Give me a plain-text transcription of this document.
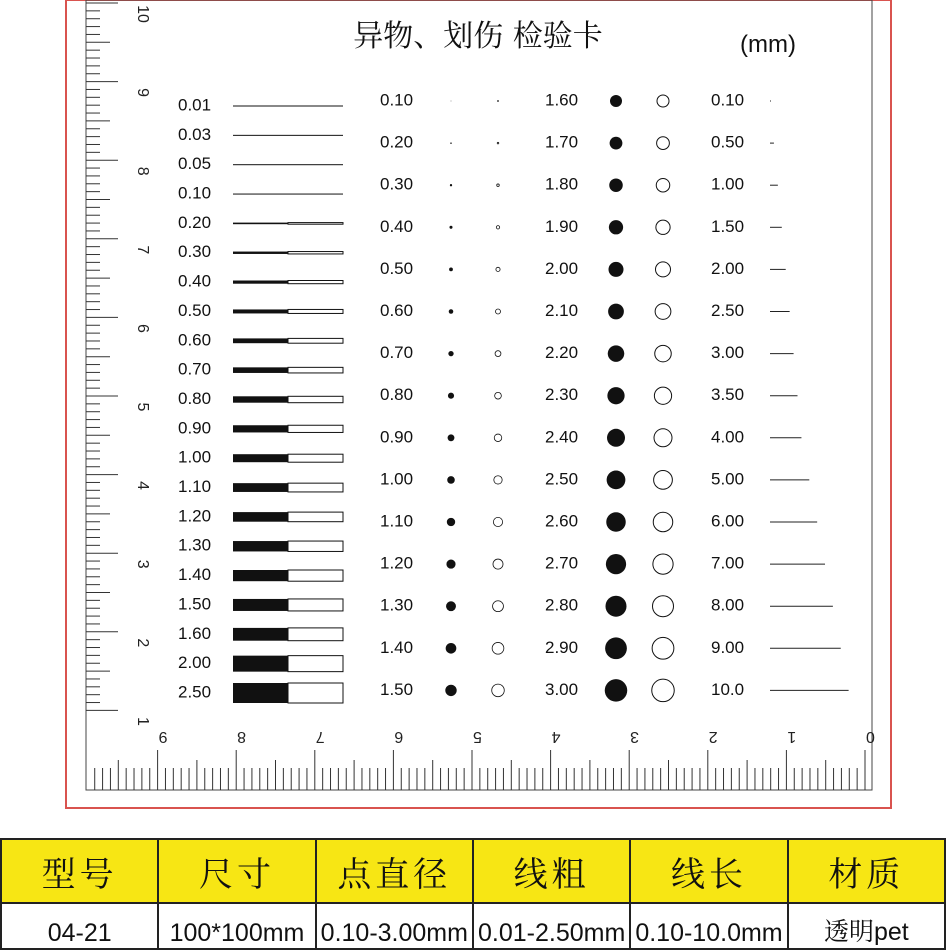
异物、划伤 检验卡	(mm)
10
9
8
7
6
5
4
3
2
1
9	8	7	6	5	4	3	2	1	0
0.01
0.03
0.05
0.10
0.20
0.30
0.40
0.50
0.60
0.70
0.80
0.90
1.00
1.10
1.20
1.30
1.40
1.50
1.60
2.00
2.50
0.10
0.20
0.30
0.40
0.50
0.60
0.70
0.80
0.90
1.00
1.10
1.20
1.30
1.40
1.50
1.60
1.70
1.80
1.90
2.00
2.10
2.20
2.30
2.40
2.50
2.60
2.70
2.80
2.90
3.00
0.10
0.50
1.00
1.50
2.00
2.50
3.00
3.50
4.00
5.00
6.00
7.00
8.00
9.00
10.0
型号	尺寸	点直径	线粗	线长	材质
04-21	100*100mm	0.10-3.00mm	0.01-2.50mm	0.10-10.0mm	透明pet
